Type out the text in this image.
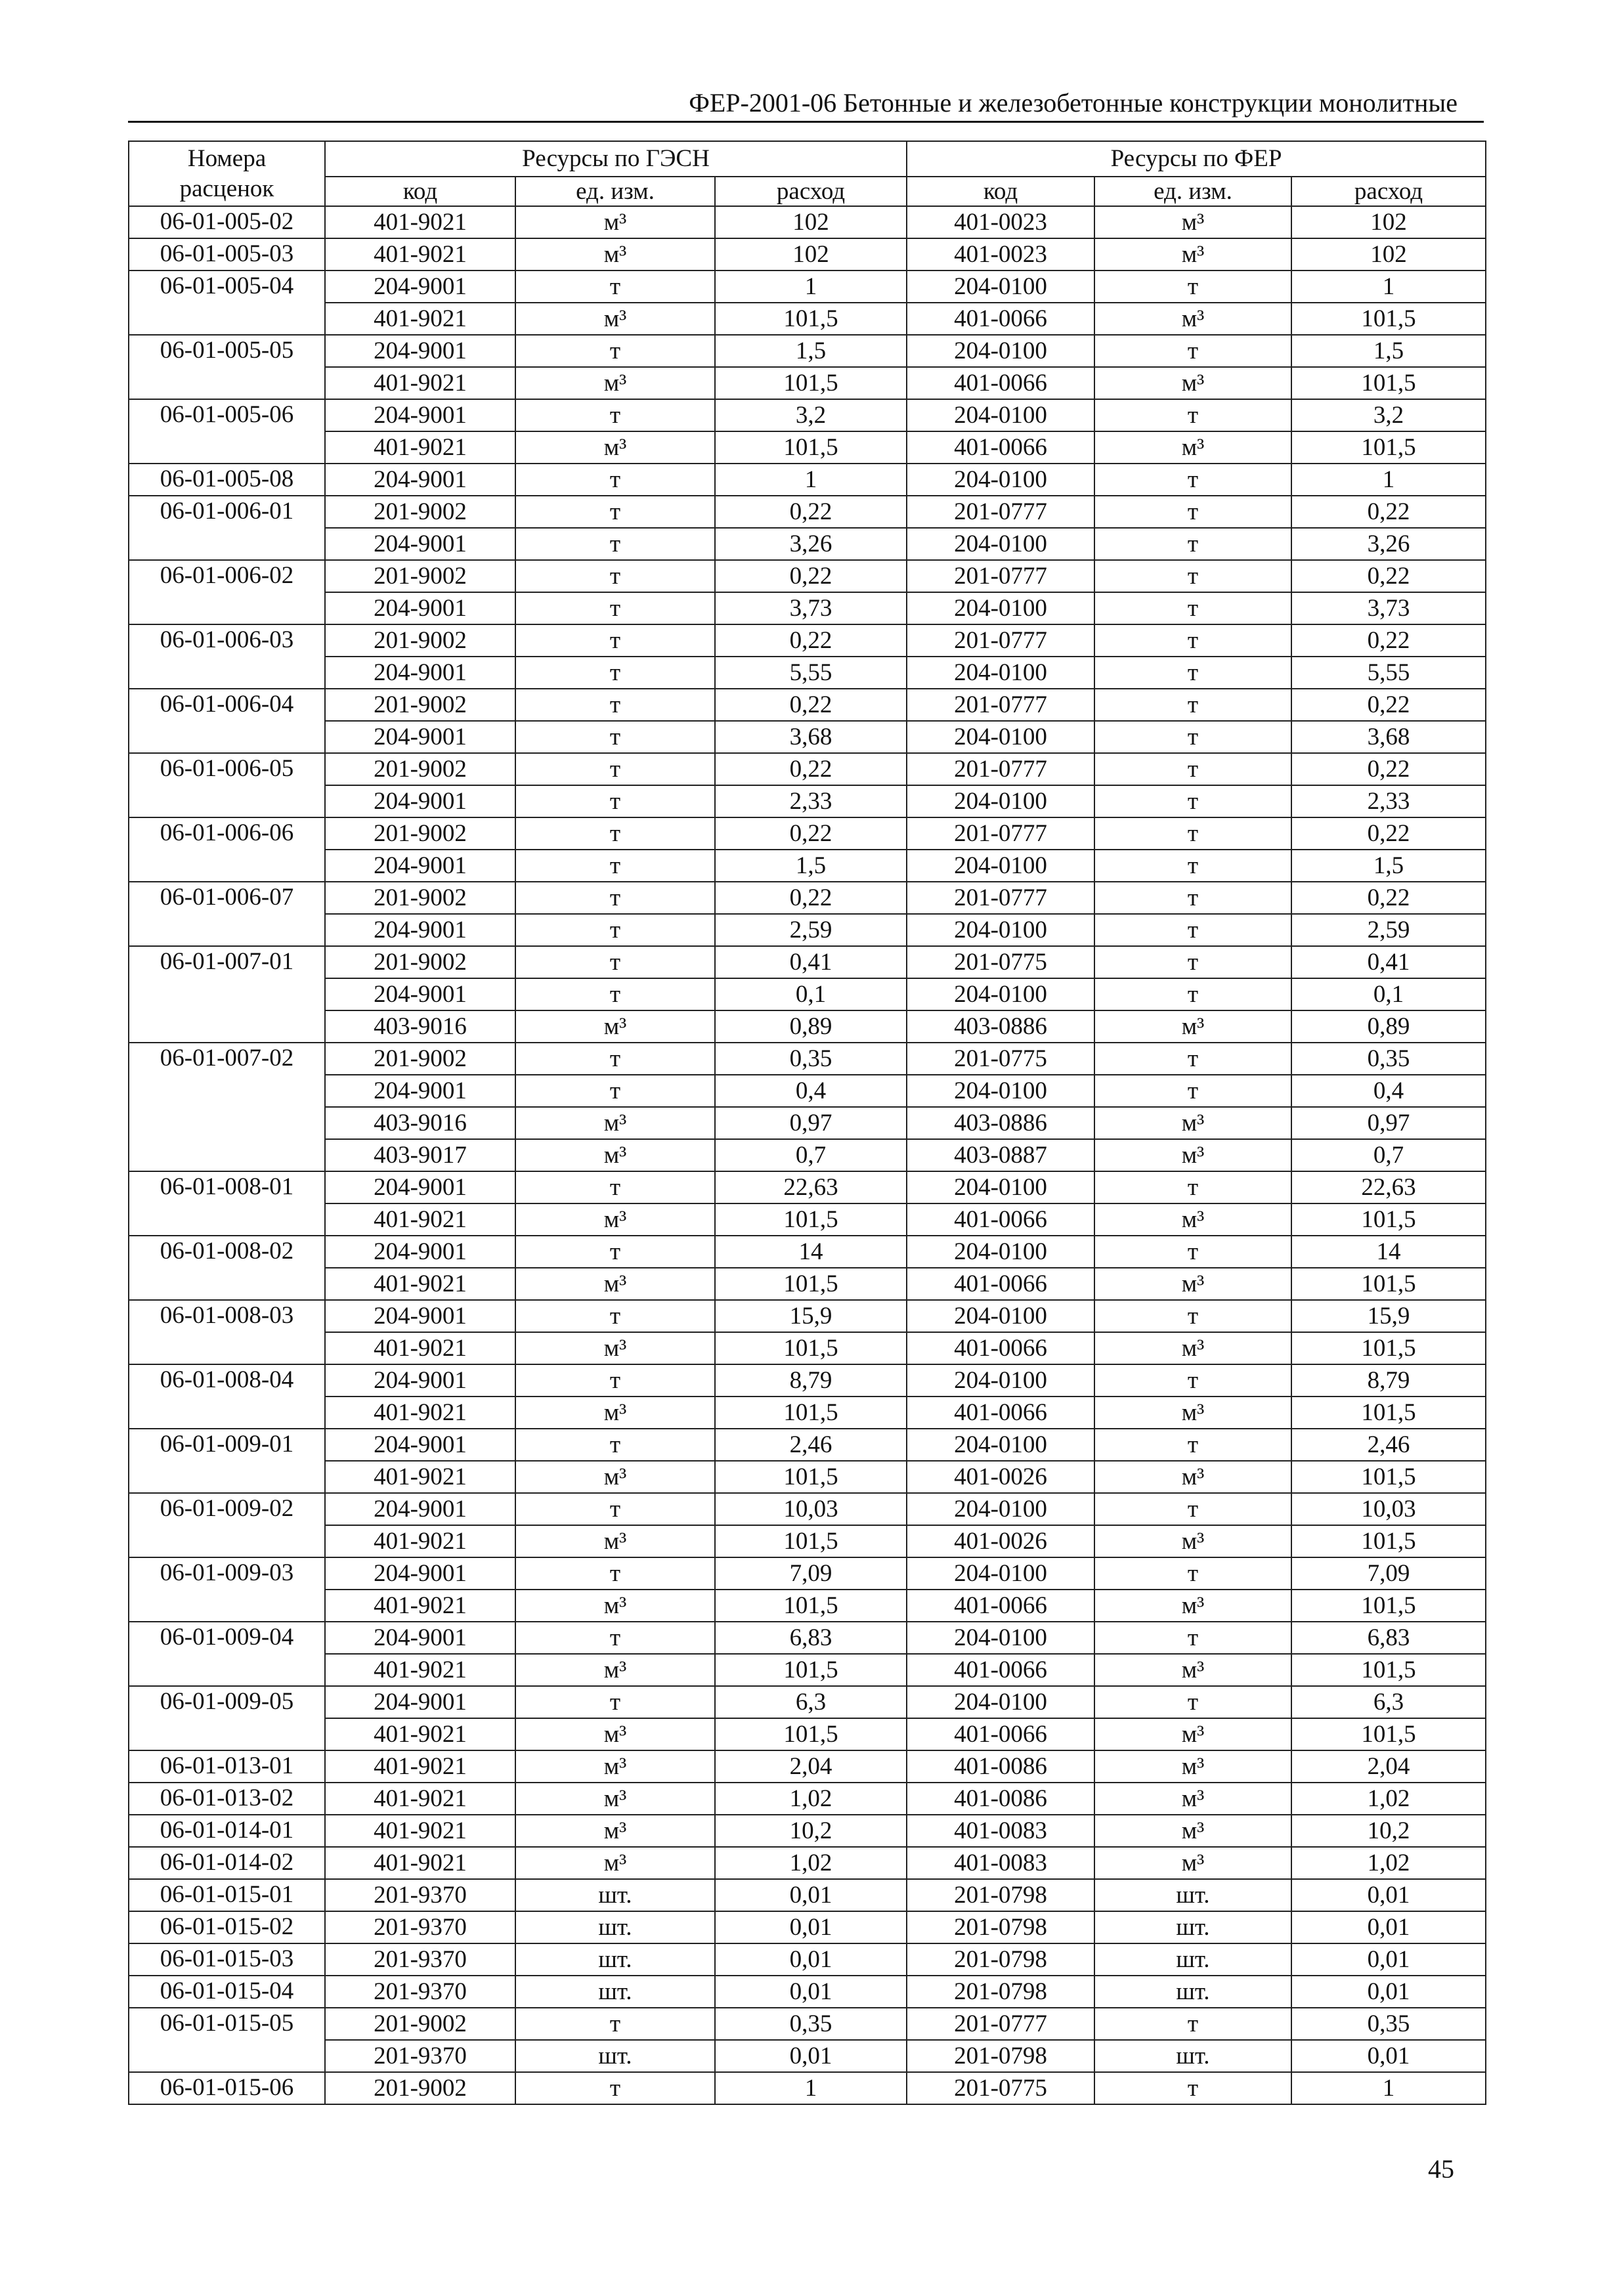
ФЕР-2001-06 Бетонные и железобетонные конструкции монолитные
Номера
расценок	Ресурсы по ГЭСН			Ресурсы по ФЕР		
	код	ед. изм.	расход	код	ед. изм.	расход
06-01-005-02	401-9021	м³	102	401-0023	м³	102
06-01-005-03	401-9021	м³	102	401-0023	м³	102
06-01-005-04	204-9001	т	1	204-0100	т	1
	401-9021	м³	101,5	401-0066	м³	101,5
06-01-005-05	204-9001	т	1,5	204-0100	т	1,5
	401-9021	м³	101,5	401-0066	м³	101,5
06-01-005-06	204-9001	т	3,2	204-0100	т	3,2
	401-9021	м³	101,5	401-0066	м³	101,5
06-01-005-08	204-9001	т	1	204-0100	т	1
06-01-006-01	201-9002	т	0,22	201-0777	т	0,22
	204-9001	т	3,26	204-0100	т	3,26
06-01-006-02	201-9002	т	0,22	201-0777	т	0,22
	204-9001	т	3,73	204-0100	т	3,73
06-01-006-03	201-9002	т	0,22	201-0777	т	0,22
	204-9001	т	5,55	204-0100	т	5,55
06-01-006-04	201-9002	т	0,22	201-0777	т	0,22
	204-9001	т	3,68	204-0100	т	3,68
06-01-006-05	201-9002	т	0,22	201-0777	т	0,22
	204-9001	т	2,33	204-0100	т	2,33
06-01-006-06	201-9002	т	0,22	201-0777	т	0,22
	204-9001	т	1,5	204-0100	т	1,5
06-01-006-07	201-9002	т	0,22	201-0777	т	0,22
	204-9001	т	2,59	204-0100	т	2,59
06-01-007-01	201-9002	т	0,41	201-0775	т	0,41
	204-9001	т	0,1	204-0100	т	0,1
	403-9016	м³	0,89	403-0886	м³	0,89
06-01-007-02	201-9002	т	0,35	201-0775	т	0,35
	204-9001	т	0,4	204-0100	т	0,4
	403-9016	м³	0,97	403-0886	м³	0,97
	403-9017	м³	0,7	403-0887	м³	0,7
06-01-008-01	204-9001	т	22,63	204-0100	т	22,63
	401-9021	м³	101,5	401-0066	м³	101,5
06-01-008-02	204-9001	т	14	204-0100	т	14
	401-9021	м³	101,5	401-0066	м³	101,5
06-01-008-03	204-9001	т	15,9	204-0100	т	15,9
	401-9021	м³	101,5	401-0066	м³	101,5
06-01-008-04	204-9001	т	8,79	204-0100	т	8,79
	401-9021	м³	101,5	401-0066	м³	101,5
06-01-009-01	204-9001	т	2,46	204-0100	т	2,46
	401-9021	м³	101,5	401-0026	м³	101,5
06-01-009-02	204-9001	т	10,03	204-0100	т	10,03
	401-9021	м³	101,5	401-0026	м³	101,5
06-01-009-03	204-9001	т	7,09	204-0100	т	7,09
	401-9021	м³	101,5	401-0066	м³	101,5
06-01-009-04	204-9001	т	6,83	204-0100	т	6,83
	401-9021	м³	101,5	401-0066	м³	101,5
06-01-009-05	204-9001	т	6,3	204-0100	т	6,3
	401-9021	м³	101,5	401-0066	м³	101,5
06-01-013-01	401-9021	м³	2,04	401-0086	м³	2,04
06-01-013-02	401-9021	м³	1,02	401-0086	м³	1,02
06-01-014-01	401-9021	м³	10,2	401-0083	м³	10,2
06-01-014-02	401-9021	м³	1,02	401-0083	м³	1,02
06-01-015-01	201-9370	шт.	0,01	201-0798	шт.	0,01
06-01-015-02	201-9370	шт.	0,01	201-0798	шт.	0,01
06-01-015-03	201-9370	шт.	0,01	201-0798	шт.	0,01
06-01-015-04	201-9370	шт.	0,01	201-0798	шт.	0,01
06-01-015-05	201-9002	т	0,35	201-0777	т	0,35
	201-9370	шт.	0,01	201-0798	шт.	0,01
06-01-015-06	201-9002	т	1	201-0775	т	1
45
